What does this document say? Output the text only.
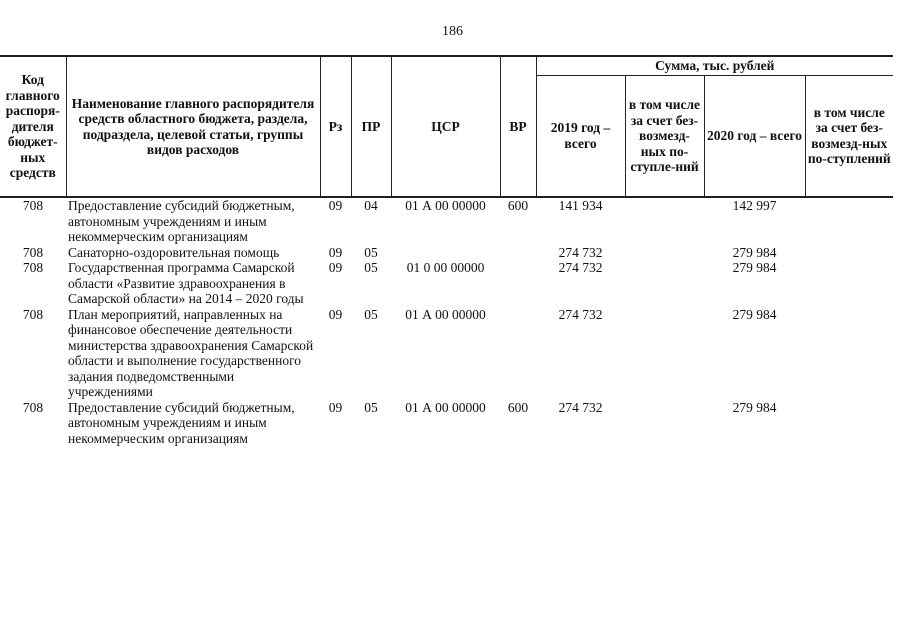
186
Код главного распоря-дителя бюджет-ных средств	Наименование главного распорядителя средств областного бюджета, раздела, подраздела, целевой статьи, группы видов расходов	Рз	ПР	ЦСР	ВР	Сумма, тыс. рублей			
						2019 год – всего	в том числе за счет без-возмезд-ных по-ступле-ний	2020 год – всего	в том числе за счет без-возмезд-ных по-ступлений
708	Предоставление субсидий бюджетным, автономным учреждениям и иным некоммерческим организациям	09	04	01 А 00 00000	600	141 934		142 997	
708	Санаторно-оздоровительная помощь	09	05			274 732		279 984	
708	Государственная программа Самарской области «Развитие здравоохранения в Самарской области» на 2014 – 2020 годы	09	05	01 0 00 00000		274 732		279 984	
708	План мероприятий, направленных на финансовое обеспечение деятельности министерства здравоохранения Самарской области и выполнение государственного задания подведомственными учреждениями	09	05	01 А 00 00000		274 732		279 984	
708	Предоставление субсидий бюджетным, автономным учреждениям и иным некоммерческим организациям	09	05	01 А 00 00000	600	274 732		279 984	
